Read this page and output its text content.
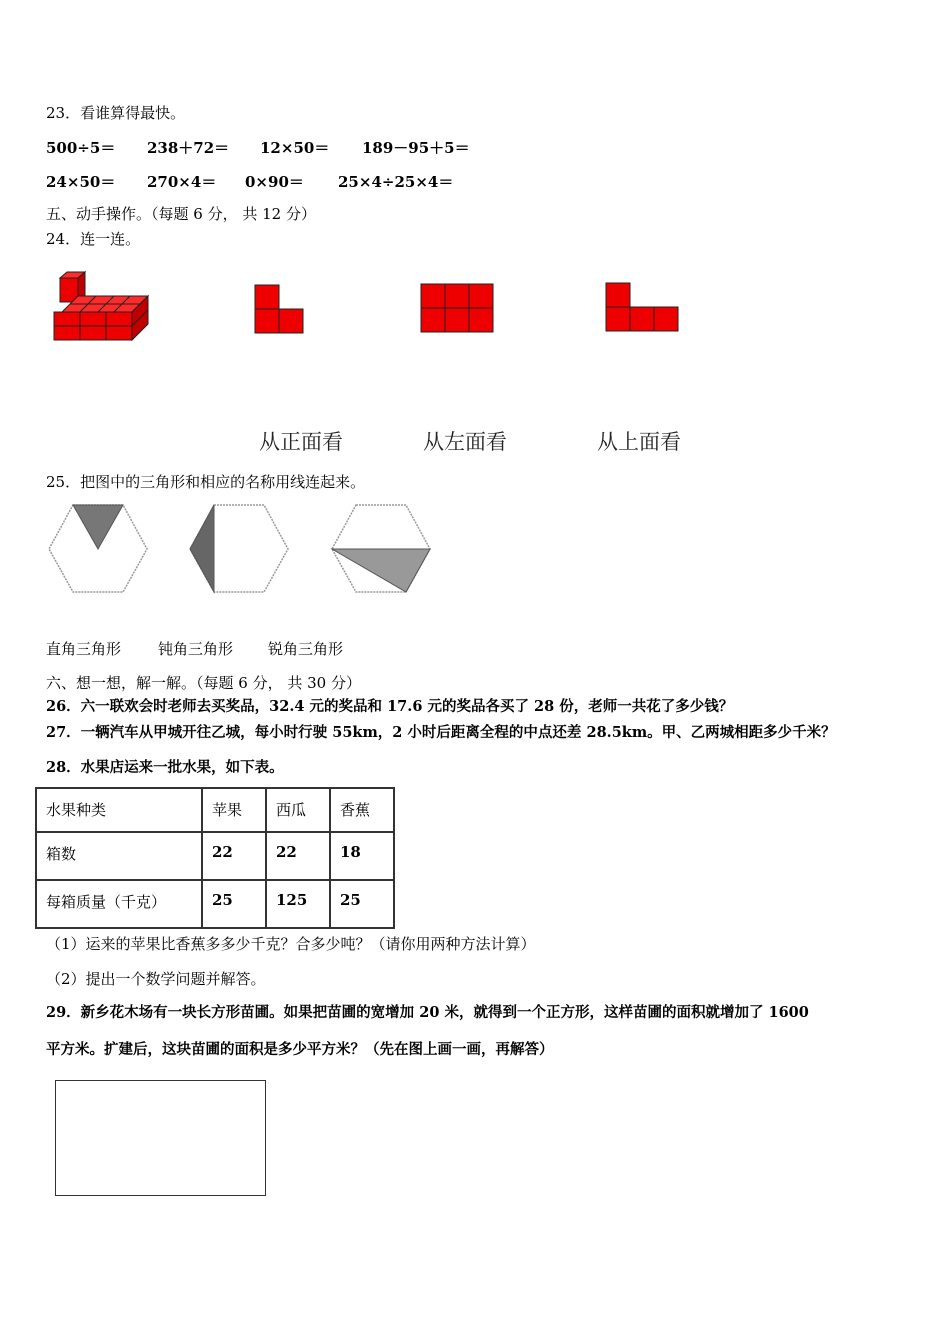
23．看谁算得最快。
500÷5＝ 238＋72＝ 12×50＝ 189－95＋5＝
24×50＝ 270×4＝ 0×90＝ 25×4÷25×4＝
五、动手操作。（每题 6 分， 共 12 分）
24．连一连。
从正面看	从左面看	从上面看
25．把图中的三角形和相应的名称用线连起来。
直角三角形 钝角三角形 锐角三角形
六、想一想，解一解。（每题 6 分， 共 30 分）
26．六一联欢会时老师去买奖品，32.4 元的奖品和 17.6 元的奖品各买了 28 份，老师一共花了多少钱？
27．一辆汽车从甲城开往乙城，每小时行驶 55km，2 小时后距离全程的中点还差 28.5km。甲、乙两城相距多少千米？
28．水果店运来一批水果，如下表。
水果种类	苹果	西瓜	香蕉
箱数	22	22	18
每箱质量（千克）	25	125	25
（1）运来的苹果比香蕉多多少千克？合多少吨？（请你用两种方法计算）
（2）提出一个数学问题并解答。
29．新乡花木场有一块长方形苗圃。如果把苗圃的宽增加 20 米，就得到一个正方形，这样苗圃的面积就增加了 1600
平方米。扩建后，这块苗圃的面积是多少平方米？（先在图上画一画，再解答）
